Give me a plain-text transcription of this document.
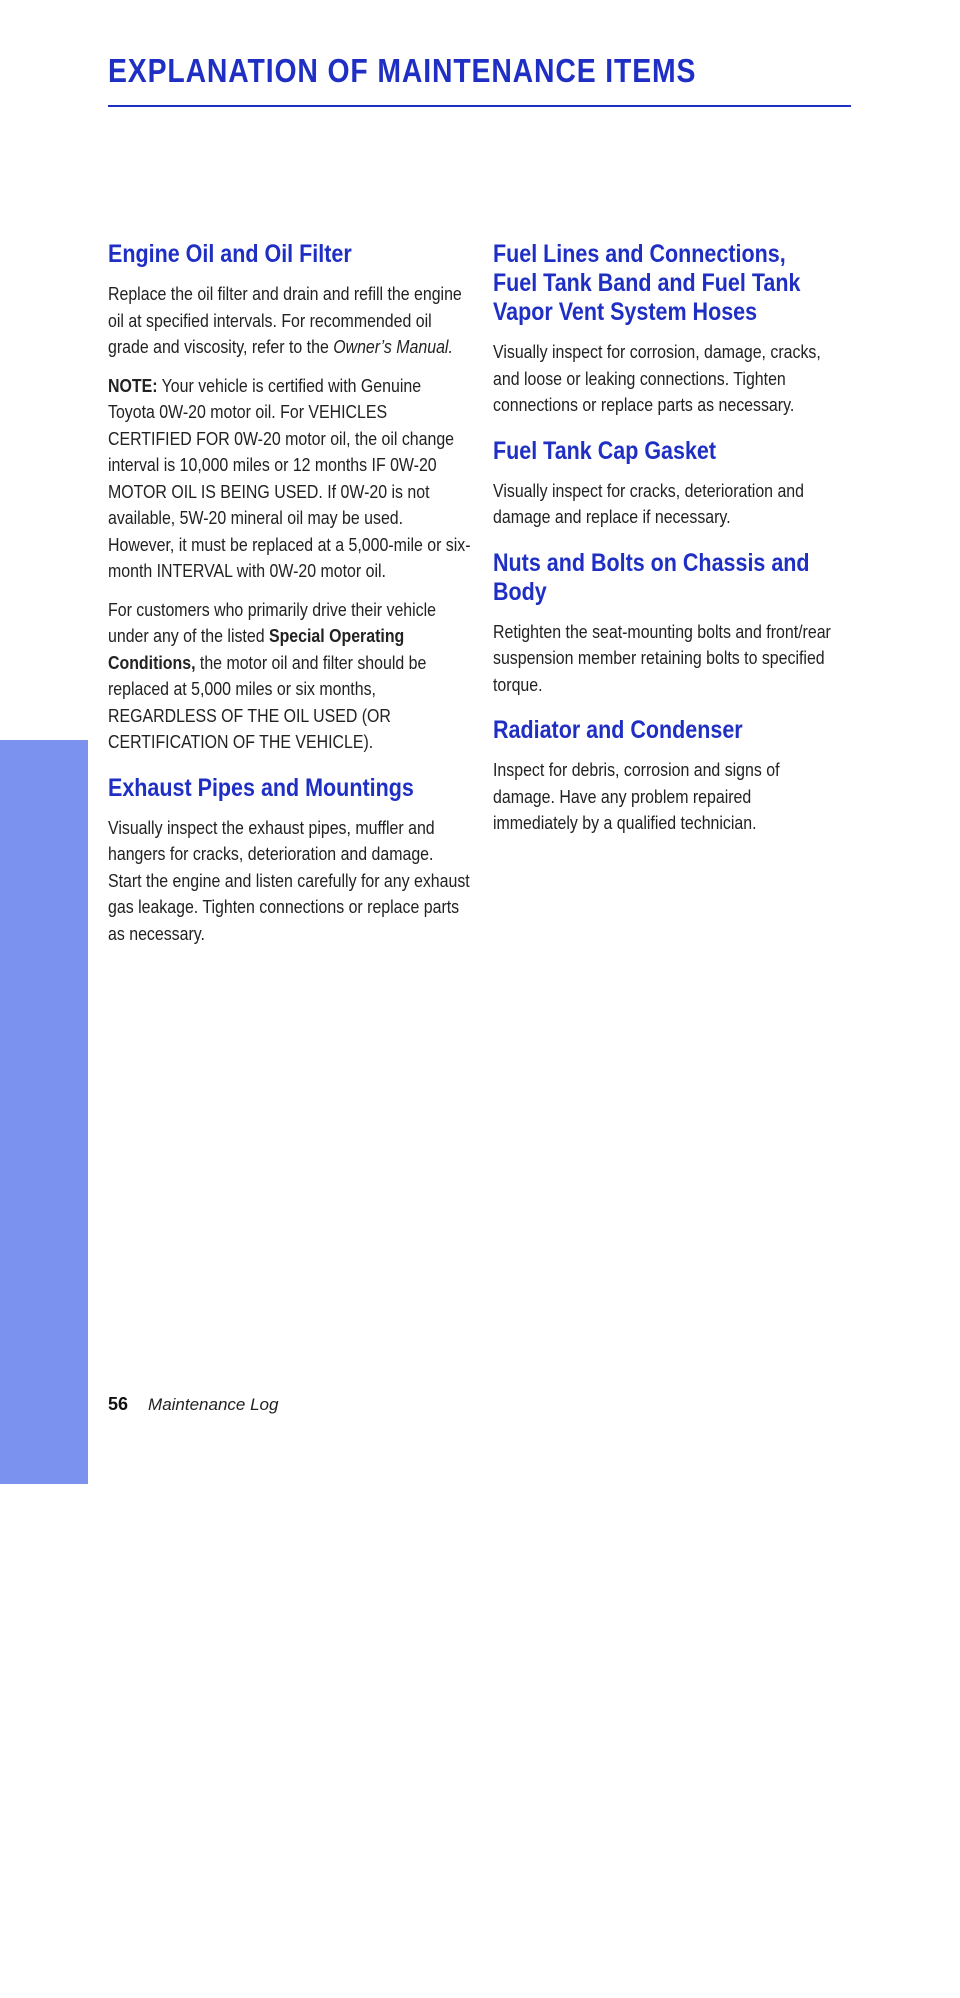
EXPLANATION OF MAINTENANCE ITEMS
MAINTENANCE
Engine Oil and Oil Filter

Replace the oil filter and drain and refill the engine oil at specified intervals. For recommended oil grade and viscosity, refer to the Owner’s Manual.

NOTE: Your vehicle is certified with Genuine Toyota 0W-20 motor oil. For VEHICLES CERTIFIED FOR 0W-20 motor oil, the oil change interval is 10,000 miles or 12 months IF 0W-20 MOTOR OIL IS BEING USED. If 0W-20 is not available, 5W-20 mineral oil may be used. However, it must be replaced at a 5,000-mile or six-month INTERVAL with 0W-20 motor oil.

For customers who primarily drive their vehicle under any of the listed Special Operating Conditions, the motor oil and filter should be replaced at 5,000 miles or six months, REGARDLESS OF THE OIL USED (OR CERTIFICATION OF THE VEHICLE).

Exhaust Pipes and Mountings

Visually inspect the exhaust pipes, muffler and hangers for cracks, deterioration and damage. Start the engine and listen carefully for any exhaust gas leakage. Tighten connections or replace parts as necessary.

Fuel Lines and Connections, Fuel Tank Band and Fuel Tank Vapor Vent System Hoses

Visually inspect for corrosion, damage, cracks, and loose or leaking connections. Tighten connections or replace parts as necessary.

Fuel Tank Cap Gasket

Visually inspect for cracks, deterioration and damage and replace if necessary.

Nuts and Bolts on Chassis and Body

Retighten the seat-mounting bolts and front/rear suspension member retaining bolts to specified torque.

Radiator and Condenser

Inspect for debris, corrosion and signs of damage. Have any problem repaired immediately by a qualified technician.

56 Maintenance Log
